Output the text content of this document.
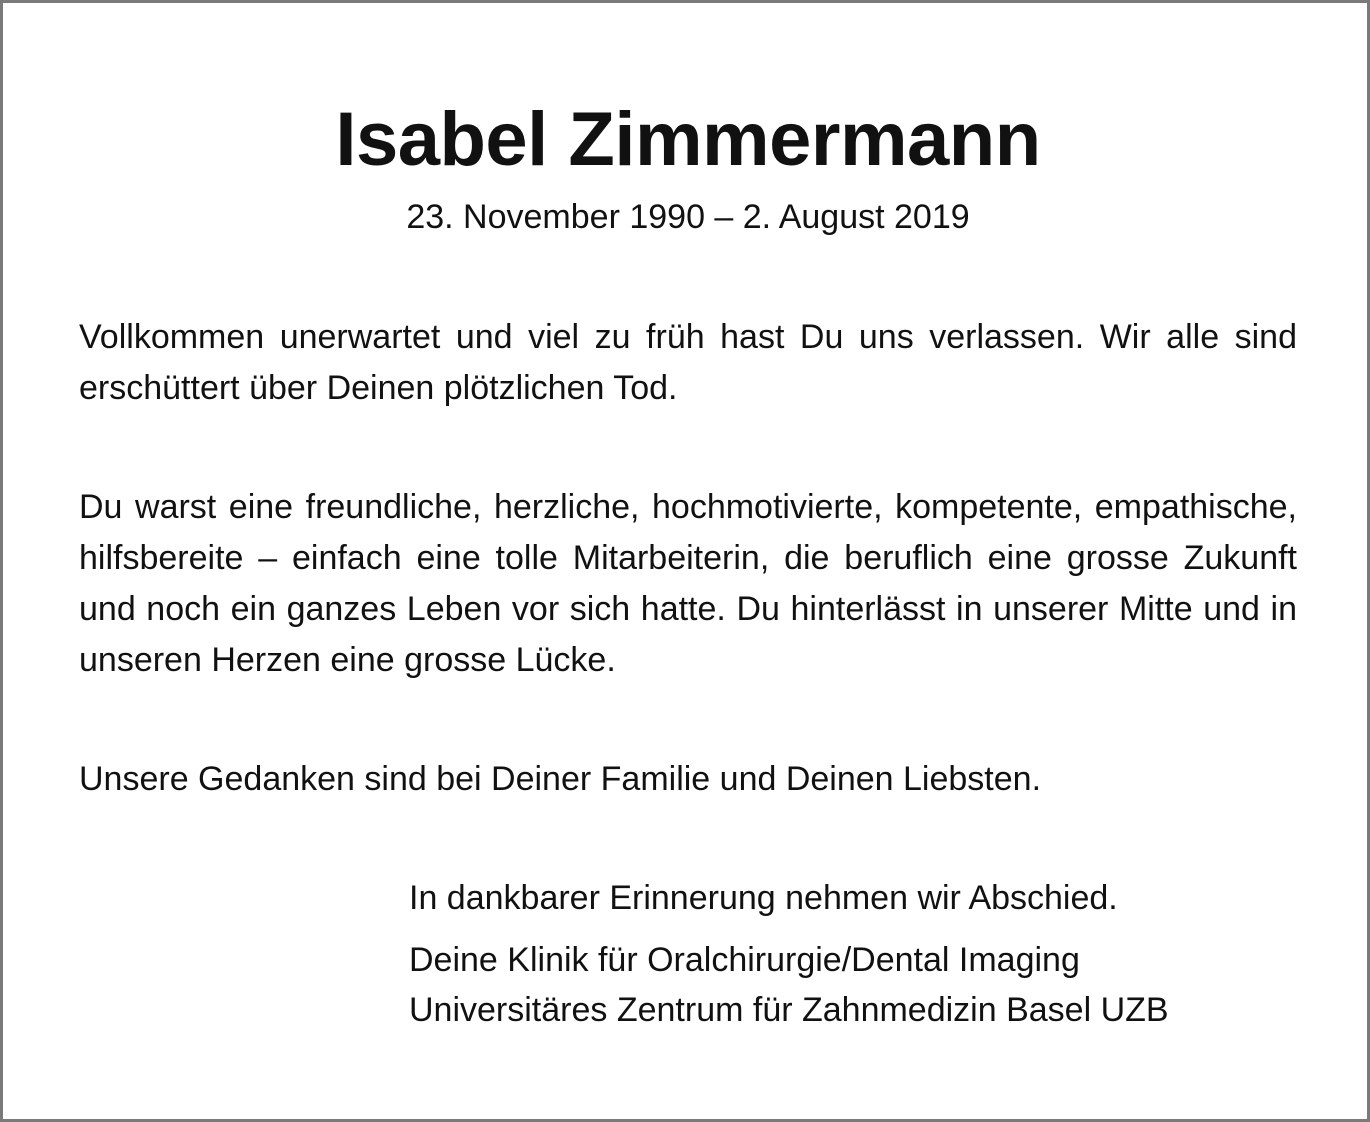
Isabel Zimmermann

23. November 1990 – 2. August 2019

Vollkommen unerwartet und viel zu früh hast Du uns verlassen. Wir alle sind erschüttert über Deinen plötzlichen Tod.

Du warst eine freundliche, herzliche, hochmotivierte, kompetente, empathische, hilfsbereite – einfach eine tolle Mitarbeiterin, die beruflich eine grosse Zukunft und noch ein ganzes Leben vor sich hatte. Du hinterlässt in unserer Mitte und in unseren Herzen eine grosse Lücke.

Unsere Gedanken sind bei Deiner Familie und Deinen Liebsten.

In dankbarer Erinnerung nehmen wir Abschied.

Deine Klinik für Oralchirurgie/Dental Imaging

Universitäres Zentrum für Zahnmedizin Basel UZB
